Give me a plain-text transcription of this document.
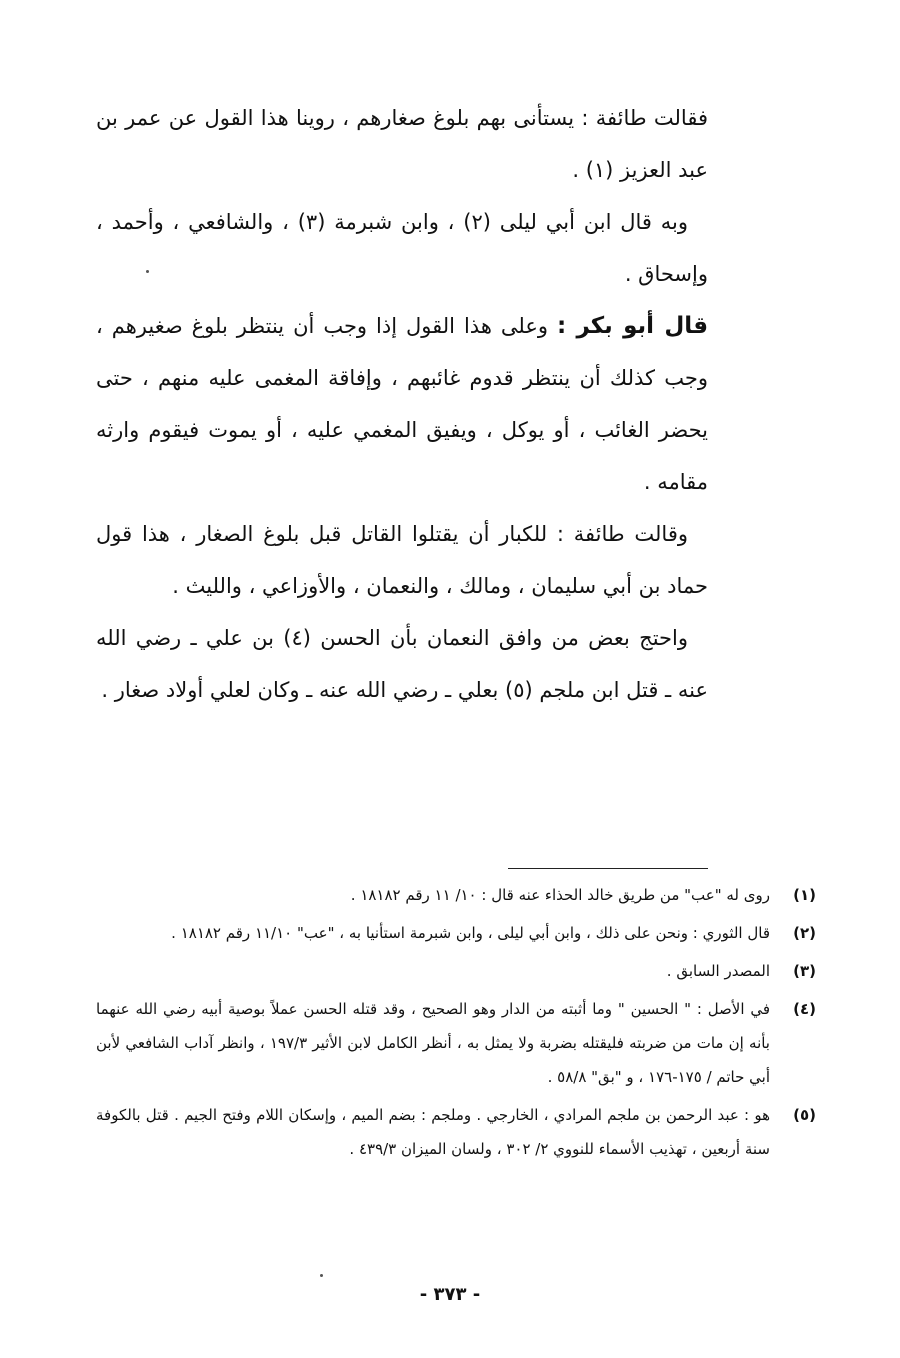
فقالت طائفة : يستأنى بهم بلوغ صغارهم ، روينا هذا القول عن عمر بن عبد العزيز (١) .

وبه قال ابن أبي ليلى (٢) ، وابن شبرمة (٣) ، والشافعي ، وأحمد ، وإسحاق .

قال أبو بكر : وعلى هذا القول إذا وجب أن ينتظر بلوغ صغيرهم ، وجب كذلك أن ينتظر قدوم غائبهم ، وإفاقة المغمى عليه منهم ، حتى يحضر الغائب ، أو يوكل ، ويفيق المغمي عليه ، أو يموت فيقوم وارثه مقامه .

وقالت طائفة : للكبار أن يقتلوا القاتل قبل بلوغ الصغار ، هذا قول حماد بن أبي سليمان ، ومالك ، والنعمان ، والأوزاعي ، والليث .

واحتج بعض من وافق النعمان بأن الحسن (٤) بن علي ـ رضي الله عنه ـ قتل ابن ملجم (٥) بعلي ـ رضي الله عنه ـ وكان لعلي أولاد صغار .

(١)
روى له "عب" من طريق خالد الحذاء عنه قال : ١٠/ ١١ رقم ١٨١٨٢ .
(٢)
قال الثوري : ونحن على ذلك ، وابن أبي ليلى ، وابن شبرمة استأنيا به ، "عب" ١١/١٠ رقم ١٨١٨٢ .
(٣)
المصدر السابق .
(٤)
في الأصل : " الحسين " وما أثبته من الدار وهو الصحيح ، وقد قتله الحسن عملاً بوصية أبيه رضي الله عنهما بأنه إن مات من ضربته فليقتله بضربة ولا يمثل به ، أنظر الكامل لابن الأثير ١٩٧/٣ ، وانظر آداب الشافعي لأبن أبي حاتم / ١٧٥-١٧٦ ، و "بق" ٥٨/٨ .
(٥)
هو : عبد الرحمن بن ملجم المرادي ، الخارجي . وملجم : بضم الميم ، وإسكان اللام وفتح الجيم . قتل بالكوفة سنة أربعين ، تهذيب الأسماء للنووي ٢/ ٣٠٢ ، ولسان الميزان ٤٣٩/٣ .
- ٣٧٣ -
